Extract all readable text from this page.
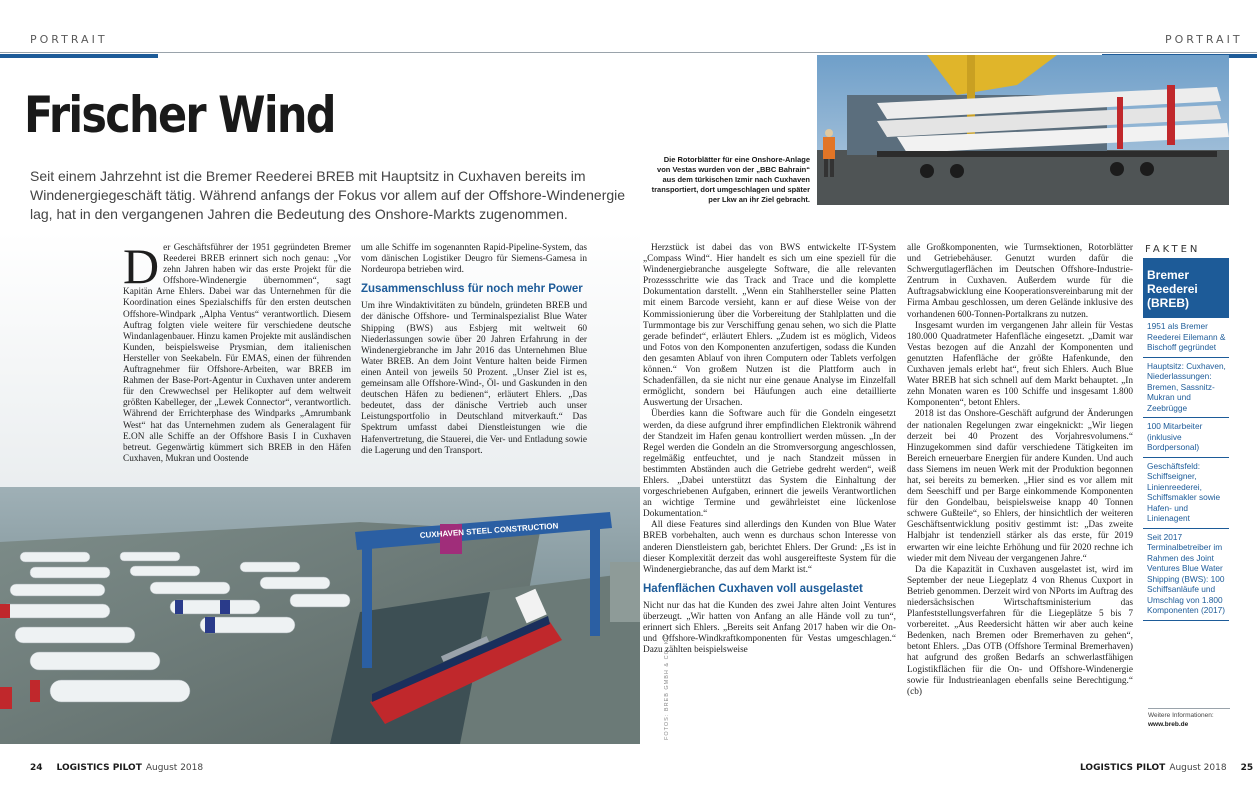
PORTRAIT	PORTRAIT
Frischer Wind
Seit einem Jahrzehnt ist die Bremer Reederei BREB mit Hauptsitz in Cuxhaven bereits im Windenergiegeschäft tätig. Während anfangs der Fokus vor allem auf der Offshore-Windenergie lag, hat in den vergangenen Jahren die Bedeutung des Onshore-Markts zugenommen.
CUXHAVEN STEEL CONSTRUCTION
FOTOS: BREB GMBH & CO. KG

Der Geschäftsführer der 1951 gegründeten Bremer Reederei BREB erinnert sich noch genau: „Vor zehn Jahren haben wir das erste Projekt für die Offshore-Windenergie übernommen“, sagt Kapitän Arne Ehlers. Dabei war das Unternehmen für die Koordination eines Spezialschiffs für den ersten deutschen Offshore-Windpark „Alpha Ventus“ verantwortlich. Diesem Auftrag folgten viele weitere für verschiedene deutsche Windanlagenbauer. Hinzu kamen Projekte mit ausländischen Kunden, beispielsweise Prysmian, dem italienischen Hersteller von Seekabeln. Für EMAS, einen der führenden Auftragnehmer für Offshore-Arbeiten, war BREB im Rahmen der Base-Port-Agentur in Cuxhaven unter anderem für den Crewwechsel per Helikopter auf dem weltweit größten Kabelleger, der „Lewek Connector“, verantwortlich. Während der Errichterphase des Windparks „Amrumbank West“ hat das Unternehmen zudem als Generalagent für E.ON alle Schiffe an der Offshore Basis I in Cuxhaven betreut. Gegenwärtig kümmert sich BREB in den Häfen Cuxhaven, Mukran und Oostende

um alle Schiffe im sogenannten Rapid-Pipeline-System, das vom dänischen Logistiker Deugro für Siemens-Gamesa in Nordeuropa betrieben wird.

Zusammenschluss für noch mehr Power

Um ihre Windaktivitäten zu bündeln, gründeten BREB und der dänische Offshore- und Terminalspezialist Blue Water Shipping (BWS) aus Esbjerg mit weltweit 60 Niederlassungen sowie über 20 Jahren Erfahrung in der Windenergiebranche im Jahr 2016 das Unternehmen Blue Water BREB. An dem Joint Venture halten beide Firmen einen Anteil von jeweils 50 Prozent. „Unser Ziel ist es, gemeinsam alle Offshore-Wind-, Öl- und Gaskunden in den deutschen Häfen zu bedienen“, erläutert Ehlers. „Das bedeutet, dass der dänische Vertrieb auch unser Leistungsportfolio in Deutschland mitverkauft.“ Das Spektrum umfasst dabei Dienstleistungen wie die Hafenvertretung, die Stauerei, die Ver- und Entladung sowie die Lagerung und den Transport.

Die Rotorblätter für eine Onshore-Anlage von Vestas wurden von der „BBC Bahrain“ aus dem türkischen Izmir nach Cuxhaven transportiert, dort umgeschlagen und später per Lkw an ihr Ziel gebracht.

Herzstück ist dabei das von BWS entwickelte IT-System „Compass Wind“. Hier handelt es sich um eine speziell für die Windenergiebranche ausgelegte Software, die alle relevanten Prozessschritte wie das Track and Trace und die komplette Dokumentation darstellt. „Wenn ein Stahlhersteller seine Platten mit einem Barcode versieht, kann er auf diese Weise von der Kommissionierung über die Vorbereitung der Stahlplatten und die Turmmontage bis zur Verschiffung genau sehen, wo sich die Platte gerade befindet“, erläutert Ehlers. „Zudem ist es möglich, Videos und Fotos von den Komponenten anzufertigen, sodass die Kunden den gesamten Ablauf von ihren Computern oder Tablets verfolgen können.“ Von großem Nutzen ist die Plattform auch in Schadenfällen, da sie nicht nur eine genaue Analyse im Einzelfall ermöglicht, sondern bei Häufungen auch eine detaillierte Auswertung der Ursachen.

Überdies kann die Software auch für die Gondeln eingesetzt werden, da diese aufgrund ihrer empfindlichen Elektronik während der Standzeit im Hafen genau kontrolliert werden müssen. „In der Regel werden die Gondeln an die Stromversorgung angeschlossen, regelmäßig entfeuchtet, und je nach Standzeit müssen in bestimmten Abständen auch die Getriebe gedreht werden“, weiß Ehlers. „Dabei unterstützt das System die Einhaltung der vorgeschriebenen Aufgaben, erinnert die jeweils Verantwortlichen an wichtige Termine und gewährleistet eine lückenlose Dokumentation.“

All diese Features sind allerdings den Kunden von Blue Water BREB vorbehalten, auch wenn es durchaus schon Interesse von anderen Dienstleistern gab, berichtet Ehlers. Der Grund: „Es ist in dieser Komplexität derzeit das wohl ausgereifteste System für die Windenergiebranche, das auf dem Markt ist.“

Hafenflächen Cuxhaven voll ausgelastet

Nicht nur das hat die Kunden des zwei Jahre alten Joint Ventures überzeugt. „Wir hatten von Anfang an alle Hände voll zu tun“, erinnert sich Ehlers. „Bereits seit Anfang 2017 haben wir die On- und Offshore-Windkraftkomponenten für Vestas umgeschlagen.“ Dazu zählten beispielsweise

alle Großkomponenten, wie Turmsektionen, Rotorblätter und Getriebehäuser. Genutzt wurden dafür die Schwergutlagerflächen im Deutschen Offshore-Industrie-Zentrum in Cuxhaven. Außerdem wurde für die Auftragsabwicklung eine Kooperationsvereinbarung mit der Firma Ambau geschlossen, um deren Gelände inklusive des vorhandenen 600-Tonnen-Portalkrans zu nutzen.

Insgesamt wurden im vergangenen Jahr allein für Vestas 180.000 Quadratmeter Hafenfläche eingesetzt. „Damit war Vestas bezogen auf die Anzahl der Komponenten und genutzten Hafenfläche der größte Hafenkunde, den Cuxhaven jemals erlebt hat“, freut sich Ehlers. Auch Blue Water BREB hat sich schnell auf dem Markt behauptet. „In zehn Monaten waren es 100 Schiffe und insgesamt 1.800 Komponenten“, betont Ehlers.

2018 ist das Onshore-Geschäft aufgrund der Änderungen der nationalen Regelungen zwar eingeknickt: „Wir liegen derzeit bei 40 Prozent des Vorjahresvolumens.“ Hinzugekommen sind dafür verschiedene Tätigkeiten im Bereich erneuerbare Energien für andere Kunden. Und auch dass Siemens im neuen Werk mit der Produktion begonnen hat, sei bereits zu bemerken. „Hier sind es vor allem mit dem Seeschiff und per Barge einkommende Komponenten für den Gondelbau, beispielsweise knapp 40 Tonnen schwere Gußteile“, so Ehlers, der hinsichtlich der weiteren Geschäftsentwicklung positiv gestimmt ist: „Das zweite Halbjahr ist tendenziell stärker als das erste, für 2019 erwarten wir eine leichte Erhöhung und für 2020 rechne ich wieder mit dem Niveau der vergangenen Jahre.“

Da die Kapazität in Cuxhaven ausgelastet ist, wird im September der neue Liegeplatz 4 von Rhenus Cuxport in Betrieb genommen. Derzeit wird von NPorts im Auftrag des niedersächsischen Wirtschaftsministerium das Planfeststellungsverfahren für die Liegeplätze 5 bis 7 vorbereitet. „Aus Reedersicht hätten wir aber auch keine Bedenken, nach Bremen oder Bremerhaven zu gehen“, betont Ehlers. „Das OTB (Offshore Terminal Bremerhaven) hat aufgrund des großen Bedarfs an schwerlastfähigen Logistikflächen für die On- und Offshore-Windenergie sowie für Industrieanlagen ebenfalls seine Berechtigung.“ (cb)

FAKTEN
Bremer Reederei (BREB)
1951 als Bremer Reederei Eilemann & Bischoff gegründet
Hauptsitz: Cuxhaven, Niederlassungen: Bremen, Sassnitz-Mukran und Zeebrügge
100 Mitarbeiter (inklusive Bordpersonal)
Geschäftsfeld: Schiffseigner, Linienreederei, Schiffsmakler sowie Hafen- und Linienagent
Seit 2017 Terminalbetreiber im Rahmen des Joint Ventures Blue Water Shipping (BWS): 100 Schiffsanläufe und Umschlag von 1.800 Komponenten (2017)
Weitere Informationen:
www.breb.de
24 LOGISTICS PILOT August 2018	LOGISTICS PILOT August 2018 25
